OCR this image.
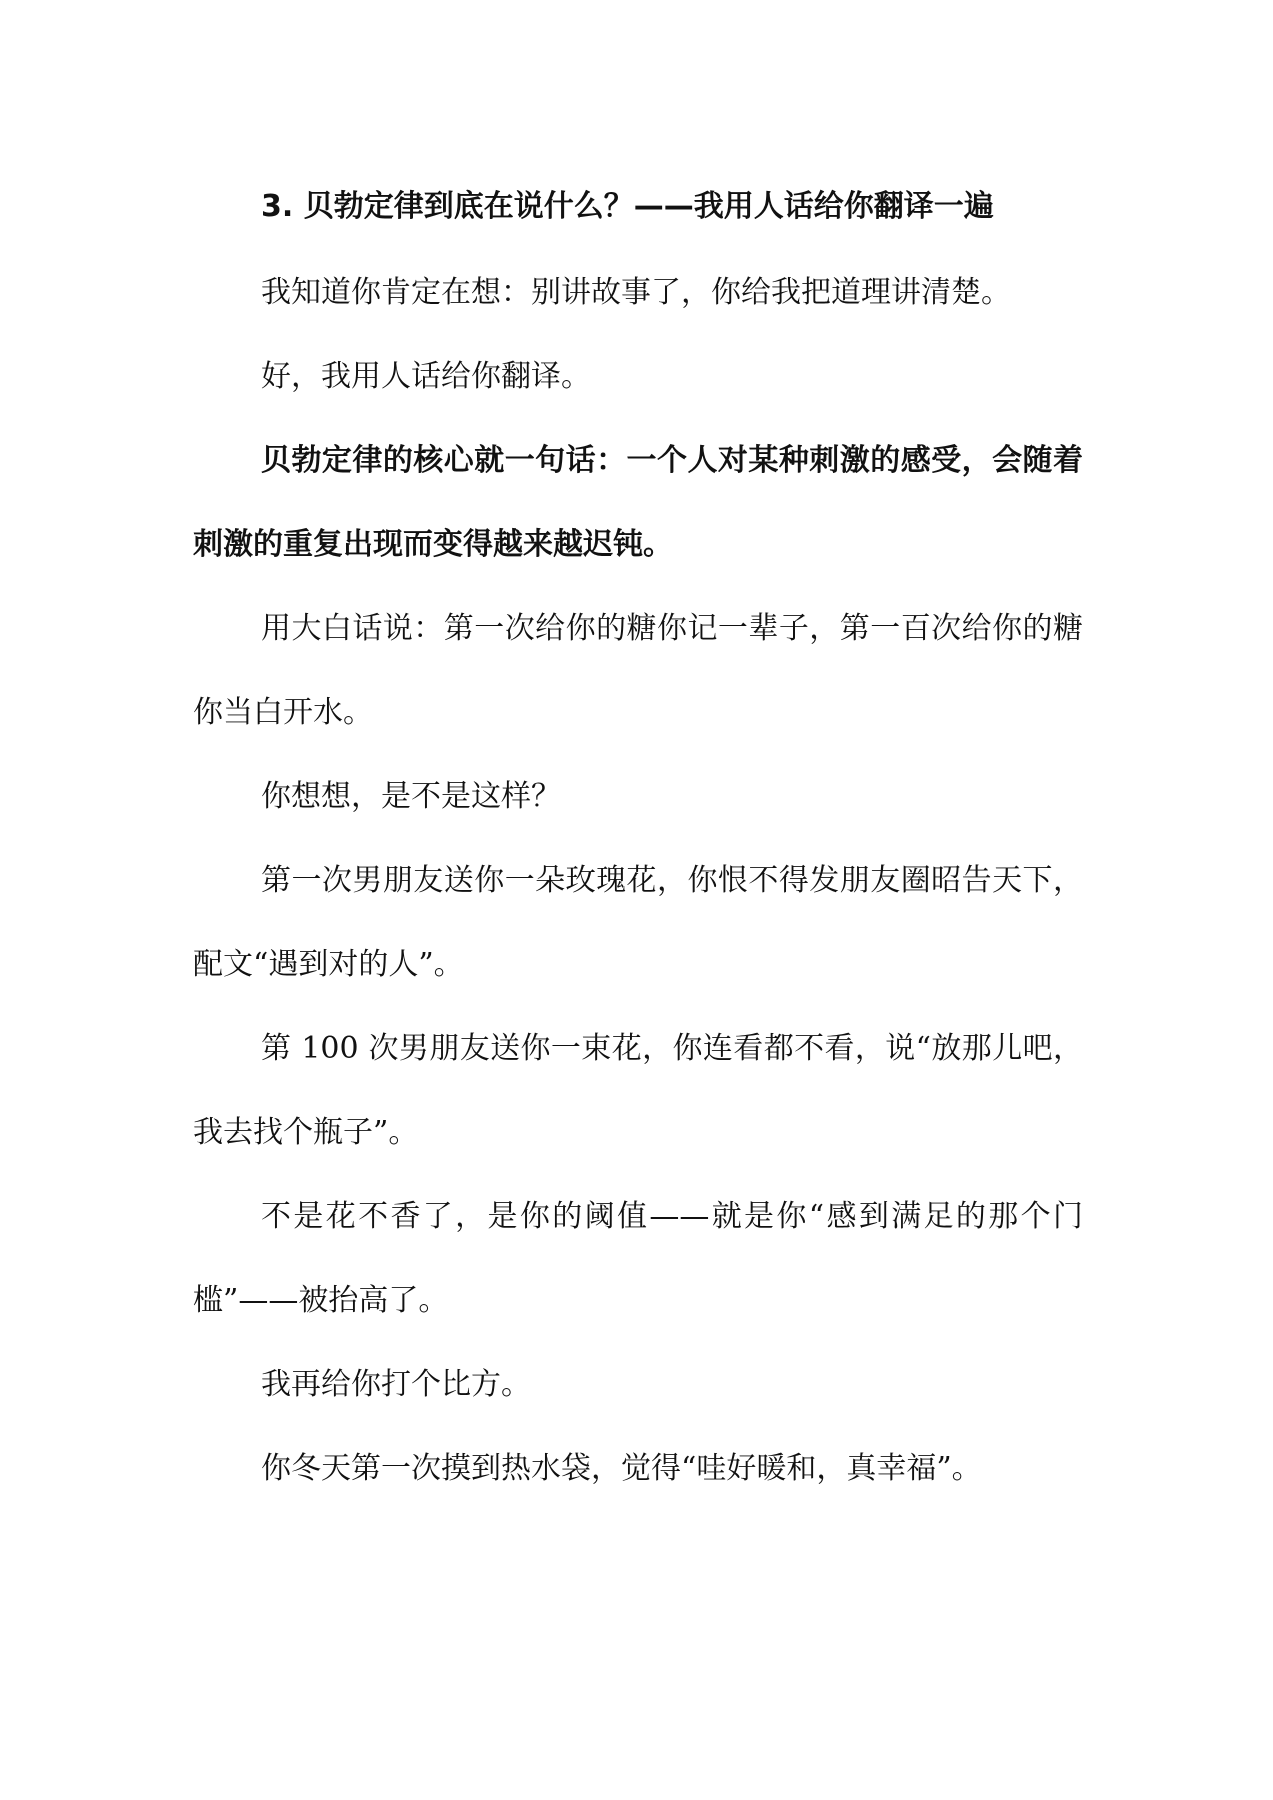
3. 贝勃定律到底在说什么？——我用人话给你翻译一遍

我知道你肯定在想：别讲故事了，你给我把道理讲清楚。

好，我用人话给你翻译。

贝勃定律的核心就一句话：一个人对某种刺激的感受，会随着刺激的重复出现而变得越来越迟钝。

用大白话说：第一次给你的糖你记一辈子，第一百次给你的糖你当白开水。

你想想，是不是这样？

第一次男朋友送你一朵玫瑰花，你恨不得发朋友圈昭告天下，配文“遇到对的人”。

第 100 次男朋友送你一束花，你连看都不看，说“放那儿吧，我去找个瓶子”。

不是花不香了，是你的阈值——就是你“感到满足的那个门槛”——被抬高了。

我再给你打个比方。

你冬天第一次摸到热水袋，觉得“哇好暖和，真幸福”。
